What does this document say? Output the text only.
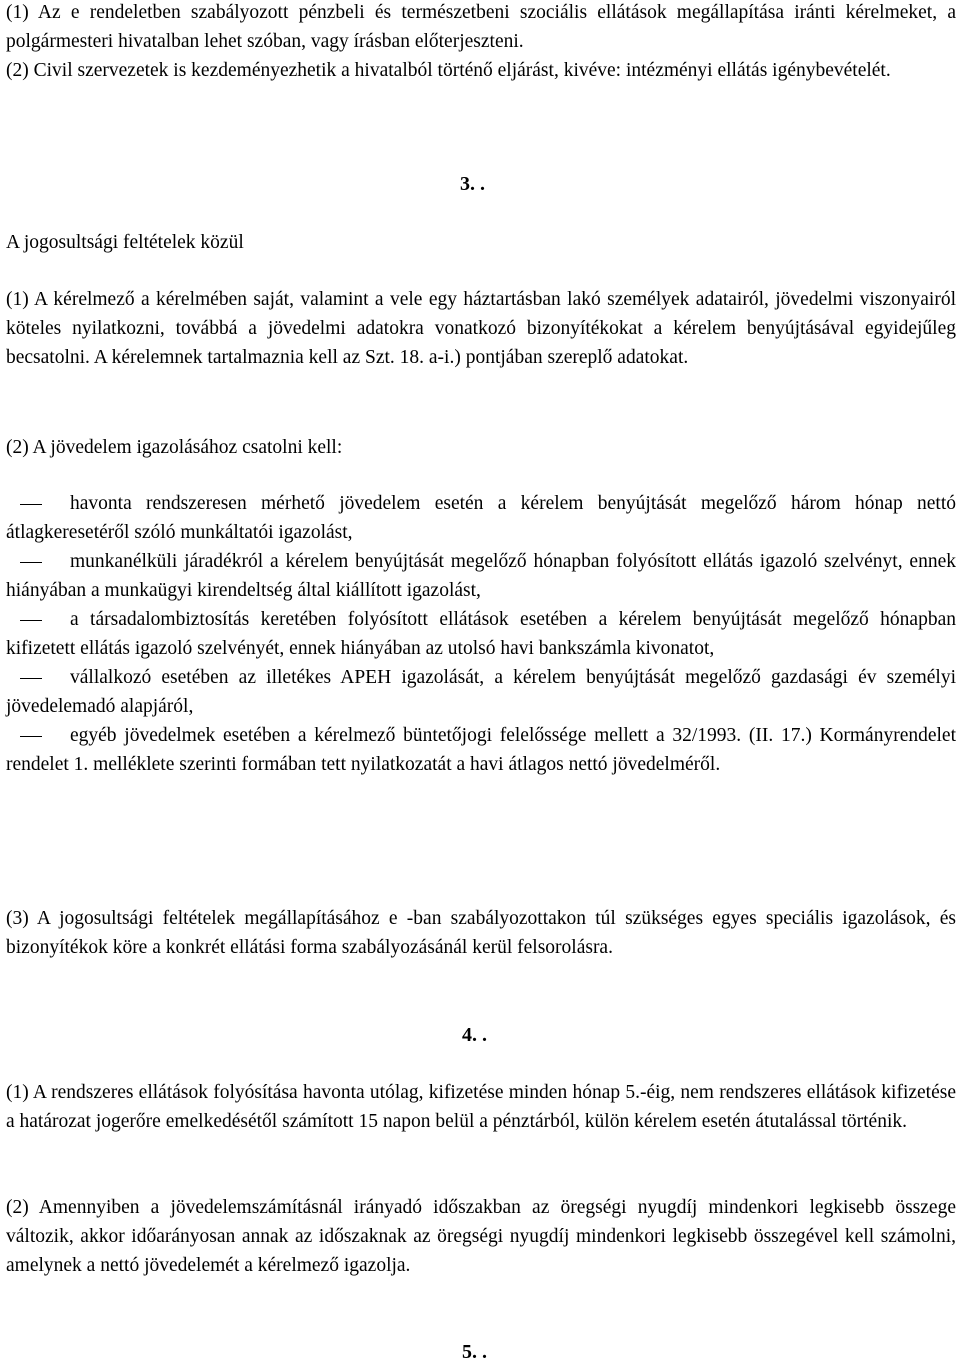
(1) Az e rendeletben szabályozott pénzbeli és természetbeni szociális ellátások megállapítása iránti kérelmeket, a polgármesteri hivatalban lehet szóban, vagy írásban előterjeszteni.

(2) Civil szervezetek is kezdeményezhetik a hivatalból történő eljárást, kivéve: intézményi ellátás igénybevételét.

3. .
A jogosultsági feltételek közül

(1) A kérelmező a kérelmében saját, valamint a vele egy háztartásban lakó személyek adatairól, jövedelmi viszonyairól köteles nyilatkozni, továbbá a jövedelmi adatokra vonatkozó bizonyítékokat a kérelem benyújtásával egyidejűleg becsatolni. A kérelemnek tartalmaznia kell az Szt. 18. a-i.) pontjában szereplő adatokat.

(2) A jövedelem igazolásához csatolni kell:

havonta rendszeresen mérhető jövedelem esetén a kérelem benyújtását megelőző három hónap nettó átlagkeresetéről szóló munkáltatói igazolást,

munkanélküli járadékról a kérelem benyújtását megelőző hónapban folyósított ellátás igazoló szelvényt, ennek hiányában a munkaügyi kirendeltség által kiállított igazolást,

a társadalombiztosítás keretében folyósított ellátások esetében a kérelem benyújtását megelőző hónapban kifizetett ellátás igazoló szelvényét, ennek hiányában az utolsó havi bankszámla kivonatot,

vállalkozó esetében az illetékes APEH igazolását, a kérelem benyújtását megelőző gazdasági év személyi jövedelemadó alapjáról,

egyéb jövedelmek esetében a kérelmező büntetőjogi felelőssége mellett a 32/1993. (II. 17.) Kormányrendelet rendelet 1. melléklete szerinti formában tett nyilatkozatát a havi átlagos nettó jövedelméről.

(3) A jogosultsági feltételek megállapításához e -ban szabályozottakon túl szükséges egyes speciális igazolások, és bizonyítékok köre a konkrét ellátási forma szabályozásánál kerül felsorolásra.

4. .

(1) A rendszeres ellátások folyósítása havonta utólag, kifizetése minden hónap 5.-éig, nem rendszeres ellátások kifizetése a határozat jogerőre emelkedésétől számított 15 napon belül a pénztárból, külön kérelem esetén átutalással történik.

(2) Amennyiben a jövedelemszámításnál irányadó időszakban az öregségi nyugdíj mindenkori legkisebb összege változik, akkor időarányosan annak az időszaknak az öregségi nyugdíj mindenkori legkisebb összegével kell számolni, amelynek a nettó jövedelemét a kérelmező igazolja.

5. .
